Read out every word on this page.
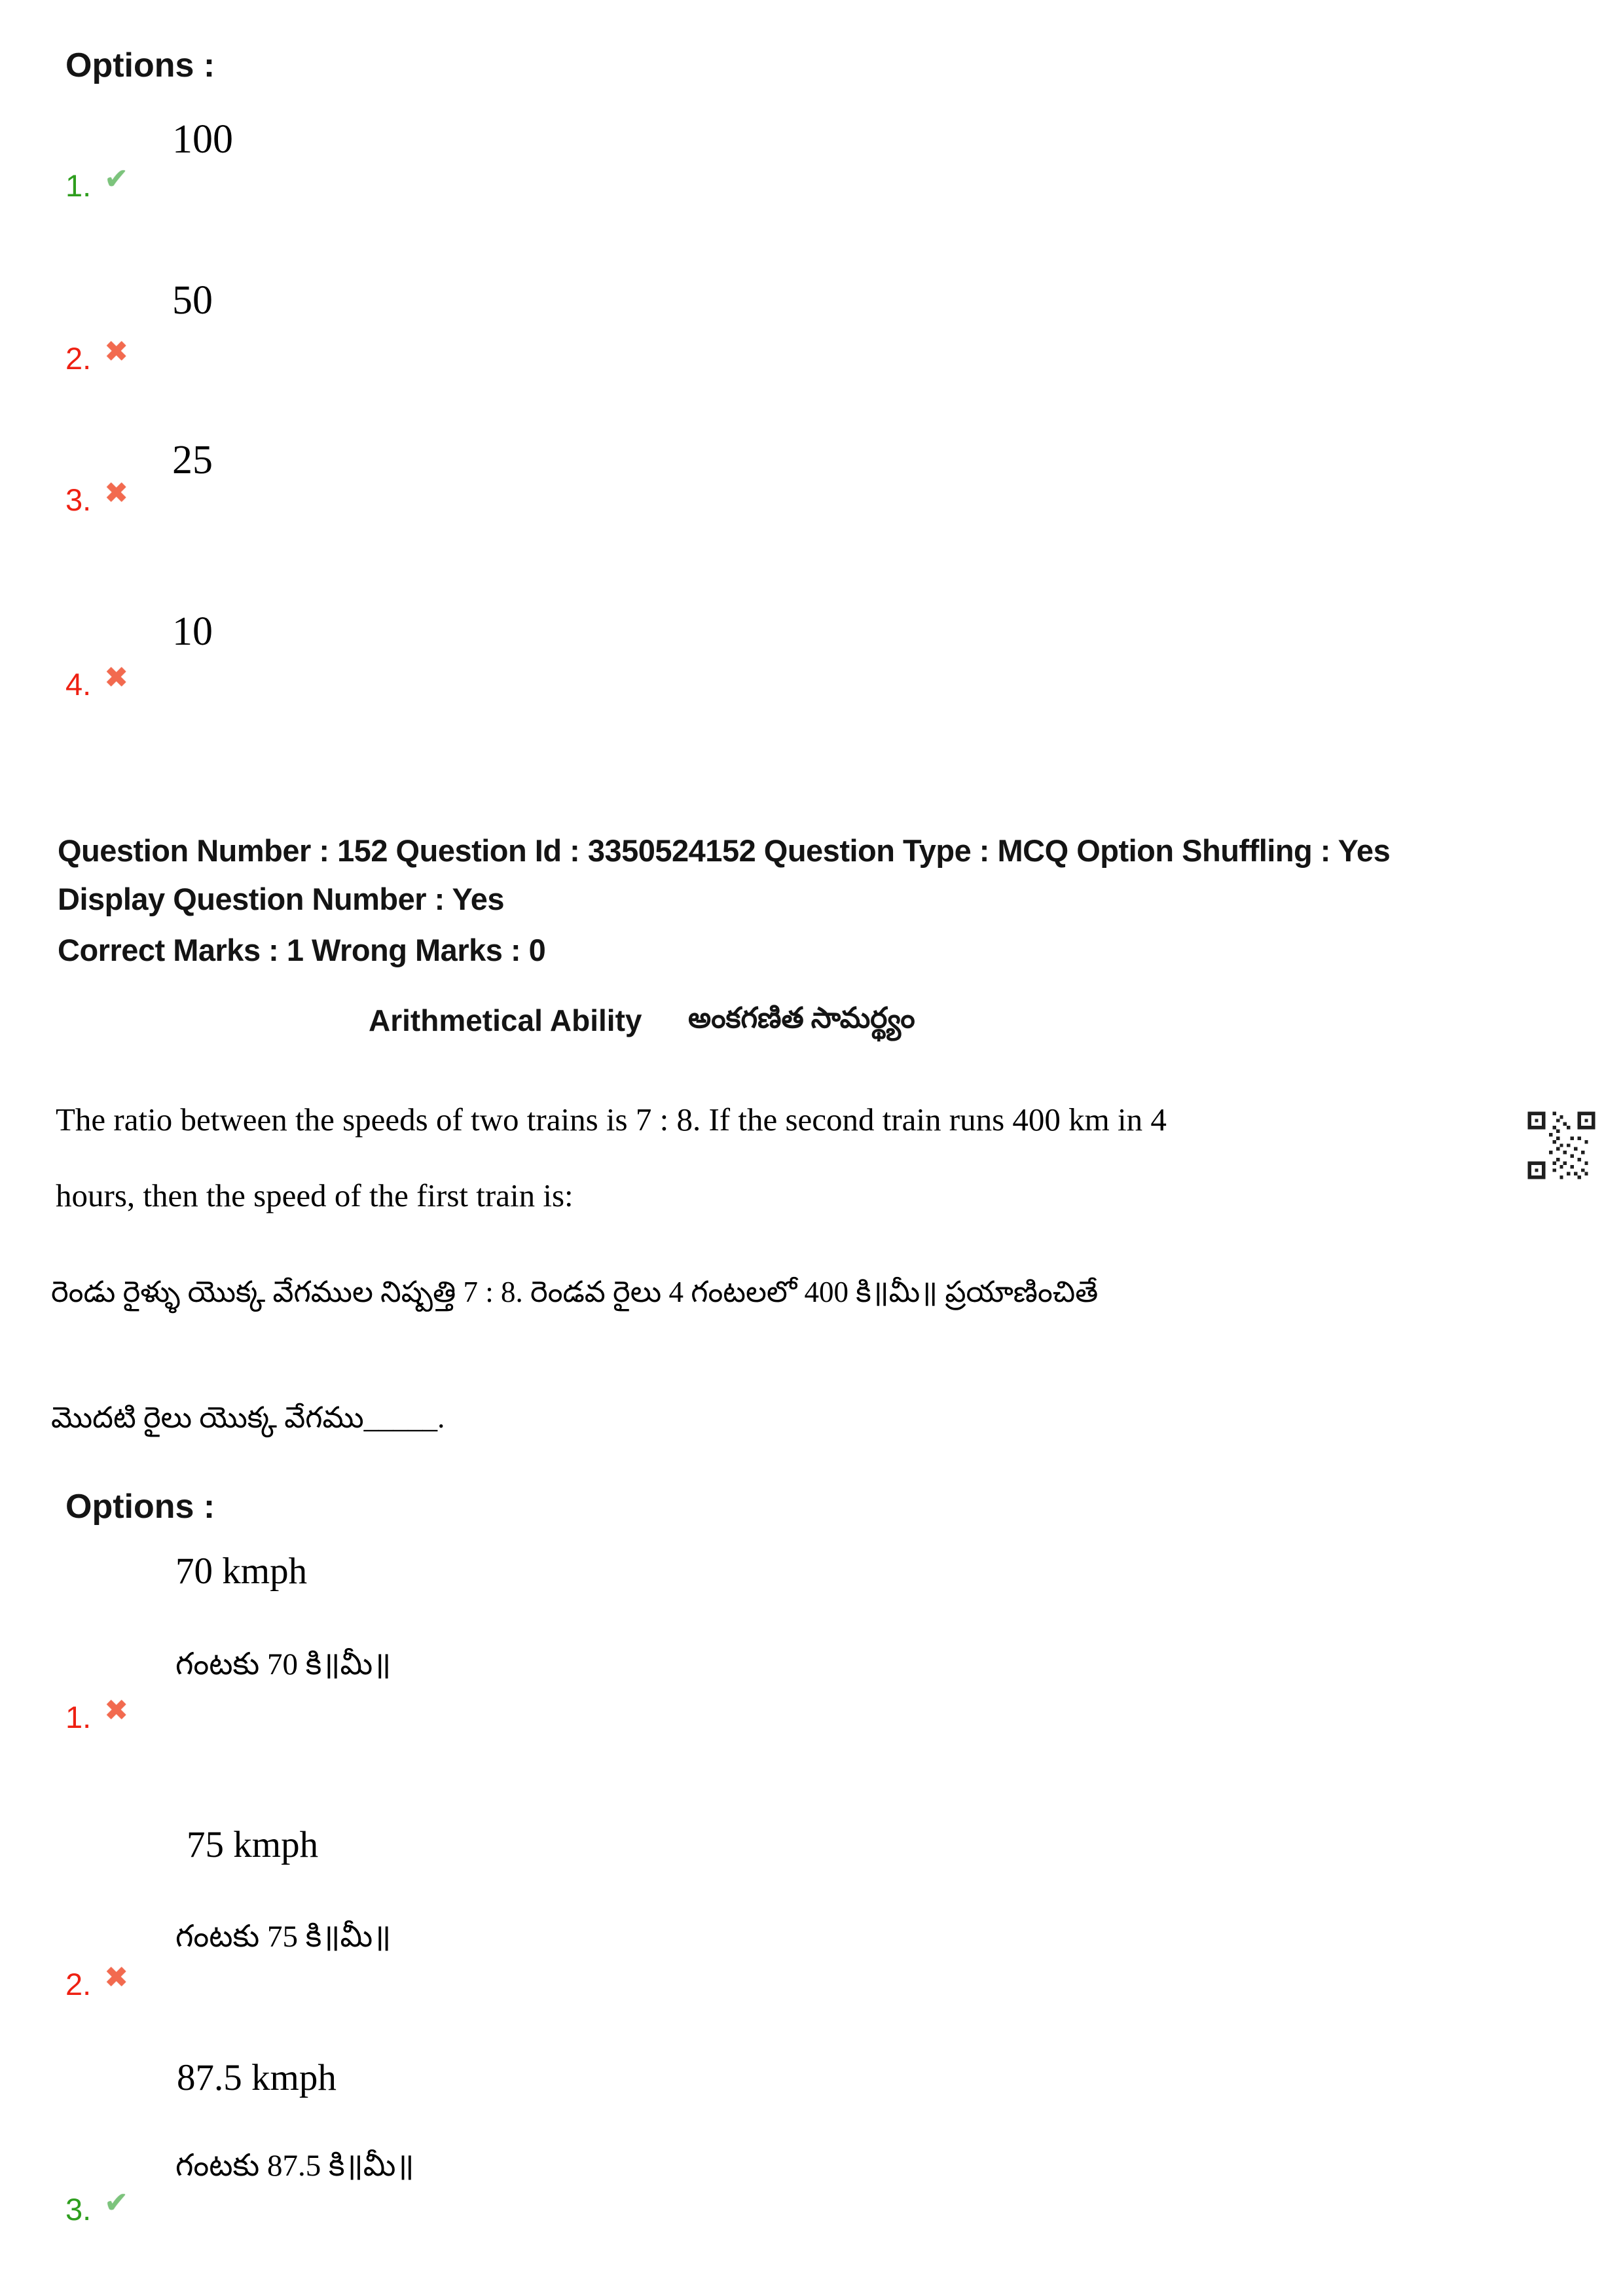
Options :
100
1. ✔
50
2. ✖
25
3. ✖
10
4. ✖
Question Number : 152 Question Id : 3350524152 Question Type : MCQ Option Shuffling : Yes
Display Question Number : Yes
Correct Marks : 1 Wrong Marks : 0
Arithmetical Ability అంకగణిత సామర్థ్యం
The ratio between the speeds of two trains is 7 : 8. If the second train runs 400 km in 4
hours, then the speed of the first train is:
రెండు రైళ్ళు యొక్క వేగముల నిష్పత్తి 7 : 8. రెండవ రైలు 4 గంటలలో 400 కి॥మీ॥ ప్రయాణించితే
మొదటి రైలు యొక్క వేగము_____.
Options :
70 kmph
గంటకు 70 కి॥మీ॥
1. ✖
75 kmph
గంటకు 75 కి॥మీ॥
2. ✖
87.5 kmph
గంటకు 87.5 కి॥మీ॥
3. ✔
